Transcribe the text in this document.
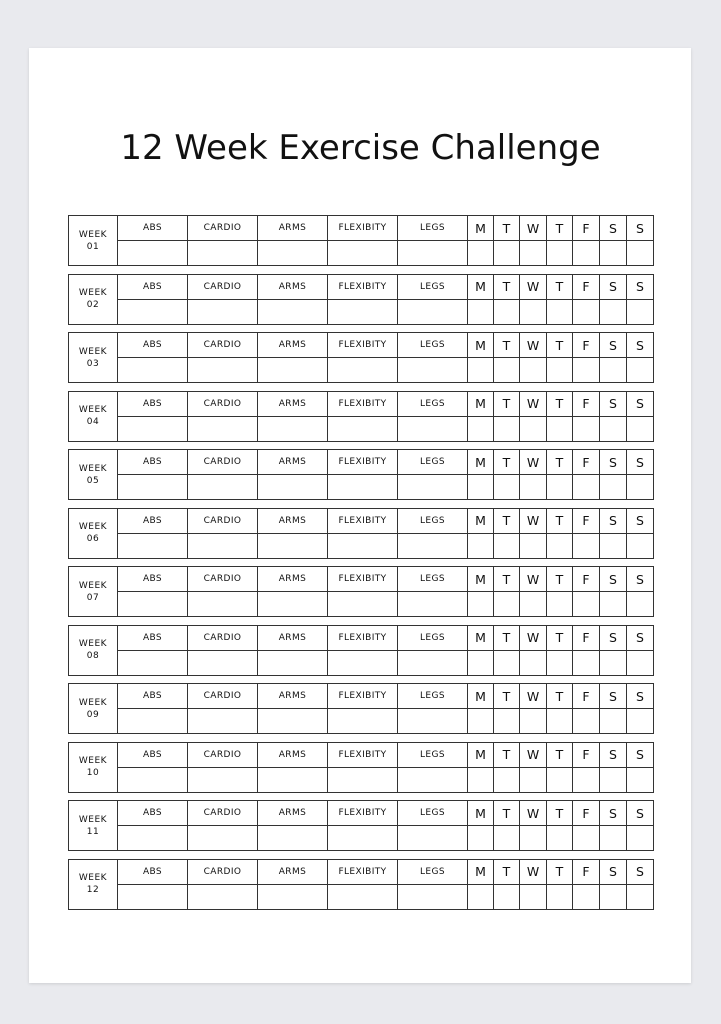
12 Week Exercise Challenge
WEEK
01	ABS	CARDIO	ARMS	FLEXIBITY	LEGS	M	T	W	T	F	S	S

WEEK
02	ABS	CARDIO	ARMS	FLEXIBITY	LEGS	M	T	W	T	F	S	S

WEEK
03	ABS	CARDIO	ARMS	FLEXIBITY	LEGS	M	T	W	T	F	S	S

WEEK
04	ABS	CARDIO	ARMS	FLEXIBITY	LEGS	M	T	W	T	F	S	S

WEEK
05	ABS	CARDIO	ARMS	FLEXIBITY	LEGS	M	T	W	T	F	S	S

WEEK
06	ABS	CARDIO	ARMS	FLEXIBITY	LEGS	M	T	W	T	F	S	S

WEEK
07	ABS	CARDIO	ARMS	FLEXIBITY	LEGS	M	T	W	T	F	S	S

WEEK
08	ABS	CARDIO	ARMS	FLEXIBITY	LEGS	M	T	W	T	F	S	S

WEEK
09	ABS	CARDIO	ARMS	FLEXIBITY	LEGS	M	T	W	T	F	S	S

WEEK
10	ABS	CARDIO	ARMS	FLEXIBITY	LEGS	M	T	W	T	F	S	S

WEEK
11	ABS	CARDIO	ARMS	FLEXIBITY	LEGS	M	T	W	T	F	S	S

WEEK
12	ABS	CARDIO	ARMS	FLEXIBITY	LEGS	M	T	W	T	F	S	S
